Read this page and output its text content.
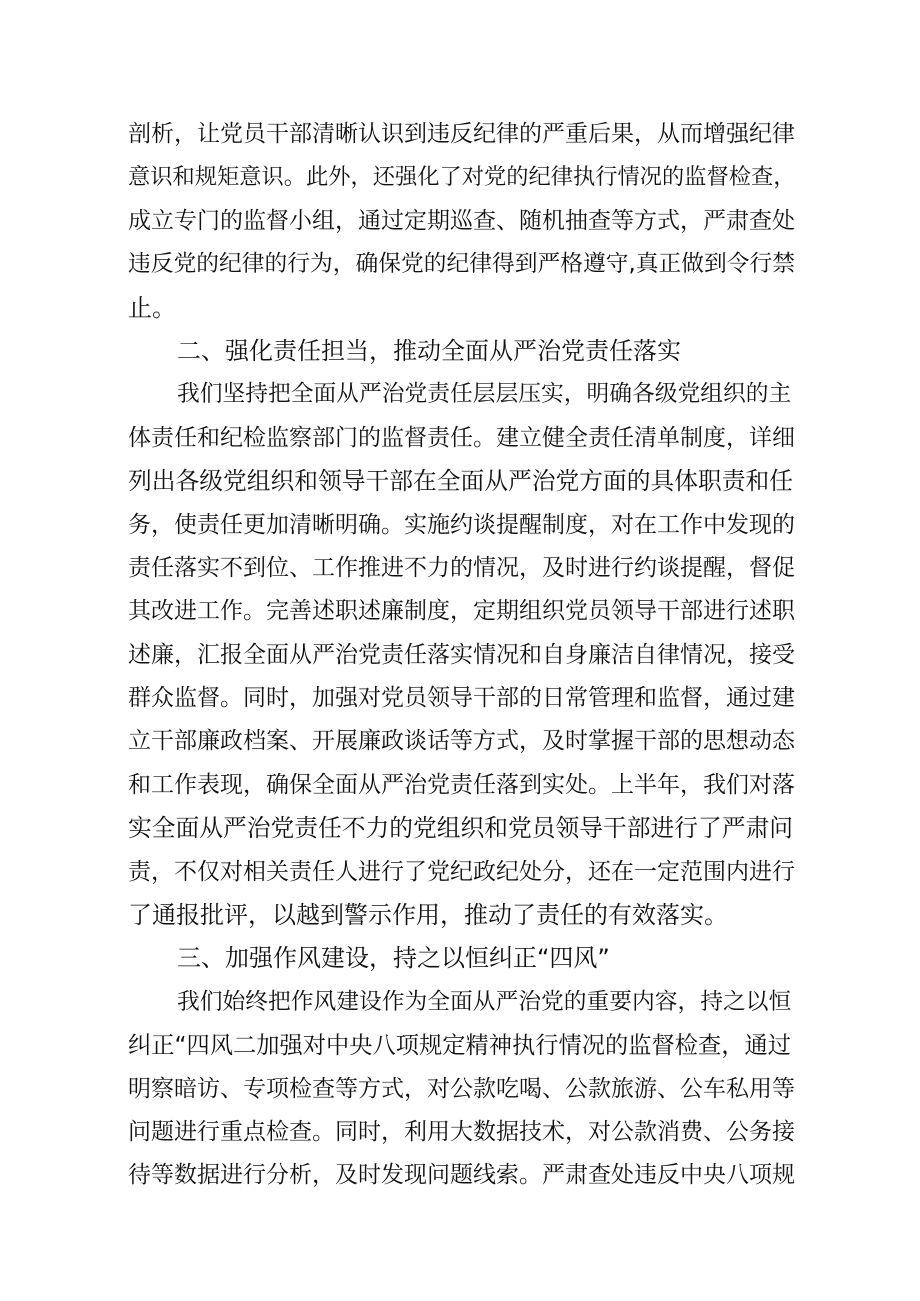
剖析，让党员干部清晰认识到违反纪律的严重后果，从而增强纪律
意识和规矩意识。此外，还强化了对党的纪律执行情况的监督检查，
成立专门的监督小组，通过定期巡查、随机抽查等方式，严肃查处
违反党的纪律的行为，确保党的纪律得到严格遵守,真正做到令行禁
止。
二、强化责任担当，推动全面从严治党责任落实
我们坚持把全面从严治党责任层层压实，明确各级党组织的主
体责任和纪检监察部门的监督责任。建立健全责任清单制度，详细
列出各级党组织和领导干部在全面从严治党方面的具体职责和任
务，使责任更加清晰明确。实施约谈提醒制度，对在工作中发现的
责任落实不到位、工作推进不力的情况，及时进行约谈提醒，督促
其改进工作。完善述职述廉制度，定期组织党员领导干部进行述职
述廉，汇报全面从严治党责任落实情况和自身廉洁自律情况，接受
群众监督。同时，加强对党员领导干部的日常管理和监督，通过建
立干部廉政档案、开展廉政谈话等方式，及时掌握干部的思想动态
和工作表现，确保全面从严治党责任落到实处。上半年，我们对落
实全面从严治党责任不力的党组织和党员领导干部进行了严肃问
责，不仅对相关责任人进行了党纪政纪处分，还在一定范围内进行
了通报批评，以越到警示作用，推动了责任的有效落实。
三、加强作风建设，持之以恒纠正“四风”
我们始终把作风建设作为全面从严治党的重要内容，持之以恒
纠正“四风二加强对中央八项规定精神执行情况的监督检查，通过
明察暗访、专项检查等方式，对公款吃喝、公款旅游、公车私用等
问题进行重点检查。同时，利用大数据技术，对公款消费、公务接
待等数据进行分析，及时发现问题线索。严肃查处违反中央八项规
